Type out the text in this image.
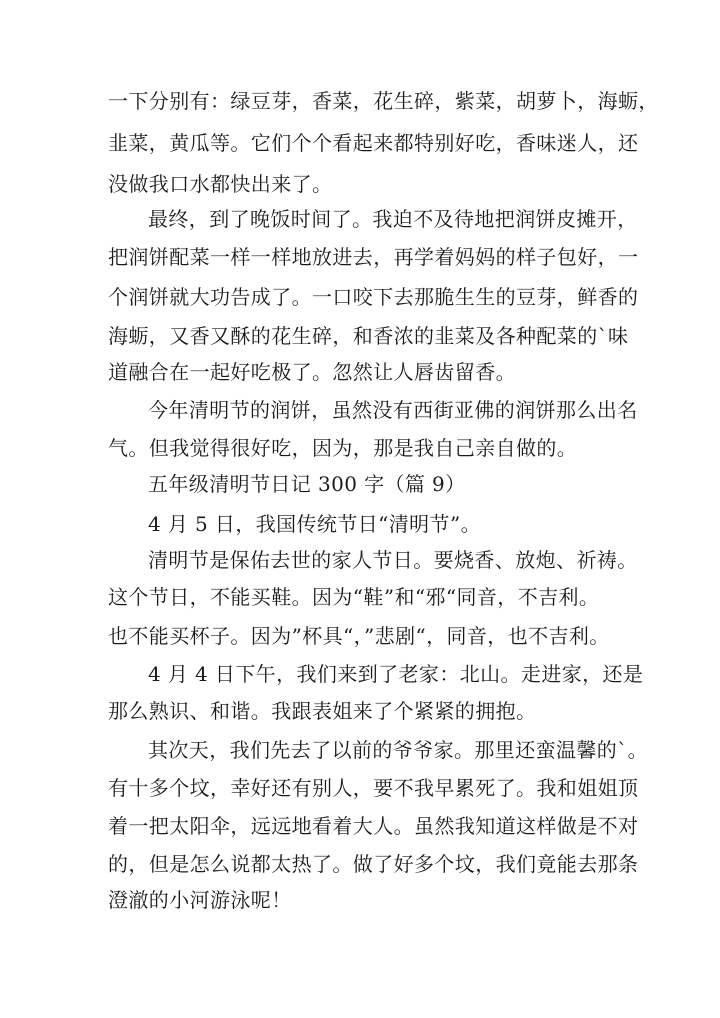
一下分别有：绿豆芽，香菜，花生碎，紫菜，胡萝卜，海蛎，
韭菜，黄瓜等。它们个个看起来都特别好吃，香味迷人，还
没做我口水都快出来了。
最终，到了晚饭时间了。我迫不及待地把润饼皮摊开，
把润饼配菜一样一样地放进去，再学着妈妈的样子包好，一
个润饼就大功告成了。一口咬下去那脆生生的豆芽，鲜香的
海蛎，又香又酥的花生碎，和香浓的韭菜及各种配菜的`味
道融合在一起好吃极了。忽然让人唇齿留香。
今年清明节的润饼，虽然没有西街亚佛的润饼那么出名
气。但我觉得很好吃，因为，那是我自己亲自做的。
五年级清明节日记 300 字（篇 9）
4 月 5 日，我国传统节日“清明节”。
清明节是保佑去世的家人节日。要烧香、放炮、祈祷。
这个节日，不能买鞋。因为“鞋”和“邪“同音，不吉利。
也不能买杯子。因为”杯具“，”悲剧“，同音，也不吉利。
4 月 4 日下午，我们来到了老家：北山。走进家，还是
那么熟识、和谐。我跟表姐来了个紧紧的拥抱。
其次天，我们先去了以前的爷爷家。那里还蛮温馨的`。
有十多个坟，幸好还有别人，要不我早累死了。我和姐姐顶
着一把太阳伞，远远地看着大人。虽然我知道这样做是不对
的，但是怎么说都太热了。做了好多个坟，我们竟能去那条
澄澈的小河游泳呢！
